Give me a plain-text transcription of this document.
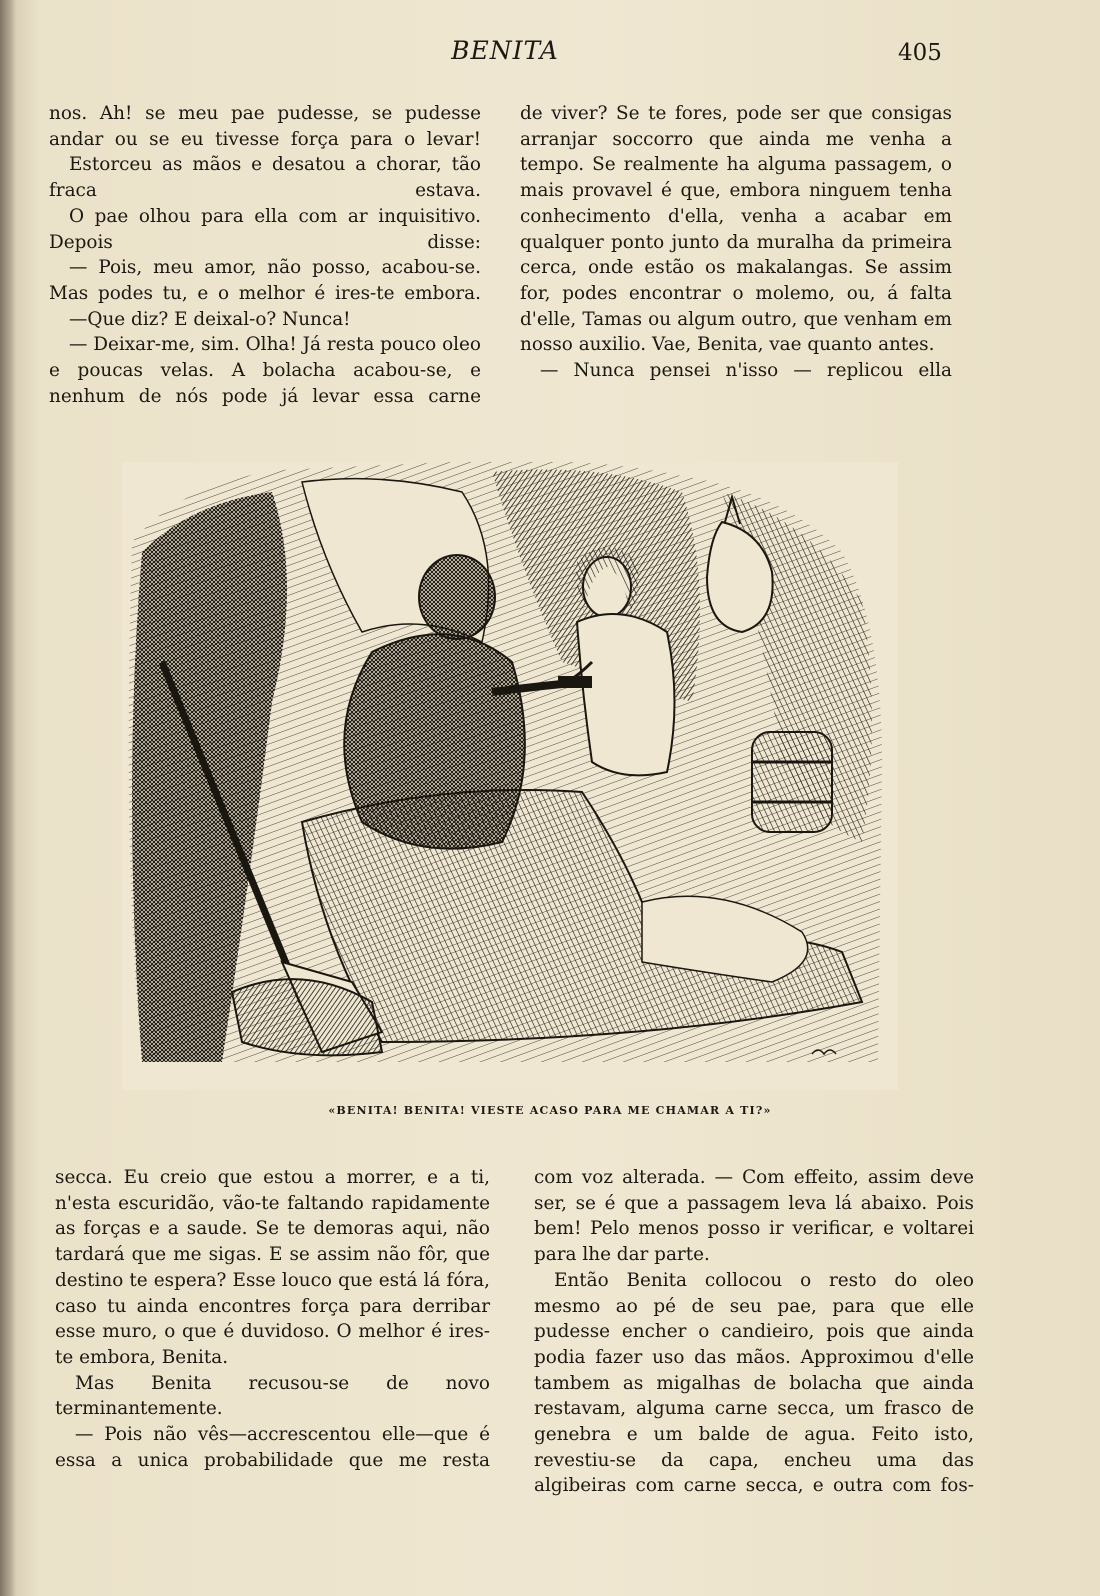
BENITA	405

nos. Ah! se meu pae pudesse, se pudesse andar ou se eu tivesse força para o levar!

Estorceu as mãos e desatou a chorar, tão fraca estava.

O pae olhou para ella com ar inquisitivo. Depois disse:

— Pois, meu amor, não posso, acabou-se. Mas podes tu, e o melhor é ires-te embora.

—Que diz? E deixal-o? Nunca!

— Deixar-me, sim. Olha! Já resta pouco oleo e poucas velas. A bolacha acabou-se, e nenhum de nós pode já levar essa carne

de viver? Se te fores, pode ser que consigas arranjar soccorro que ainda me venha a tempo. Se realmente ha alguma passagem, o mais provavel é que, embora ninguem tenha conhecimento d'ella, venha a acabar em qualquer ponto junto da muralha da primeira cerca, onde estão os makalangas. Se assim for, podes encontrar o molemo, ou, á falta d'elle, Tamas ou algum outro, que venham em nosso auxilio. Vae, Benita, vae quanto antes.

— Nunca pensei n'isso — replicou ella

«BENITA! BENITA! VIESTE ACASO PARA ME CHAMAR A TI?»

secca. Eu creio que estou a morrer, e a ti, n'esta escuridão, vão-te faltando rapidamente as forças e a saude. Se te demoras aqui, não tardará que me sigas. E se assim não fôr, que destino te espera? Esse louco que está lá fóra, caso tu ainda encontres força para derribar esse muro, o que é duvidoso. O melhor é ires-te embora, Benita.

Mas Benita recusou-se de novo terminantemente.

— Pois não vês—accrescentou elle—que é essa a unica probabilidade que me resta

com voz alterada. — Com effeito, assim deve ser, se é que a passagem leva lá abaixo. Pois bem! Pelo menos posso ir verificar, e voltarei para lhe dar parte.

Então Benita collocou o resto do oleo mesmo ao pé de seu pae, para que elle pudesse encher o candieiro, pois que ainda podia fazer uso das mãos. Approximou d'elle tambem as migalhas de bolacha que ainda restavam, alguma carne secca, um frasco de genebra e um balde de agua. Feito isto, revestiu-se da capa, encheu uma das algibeiras com carne secca, e outra com fos-
